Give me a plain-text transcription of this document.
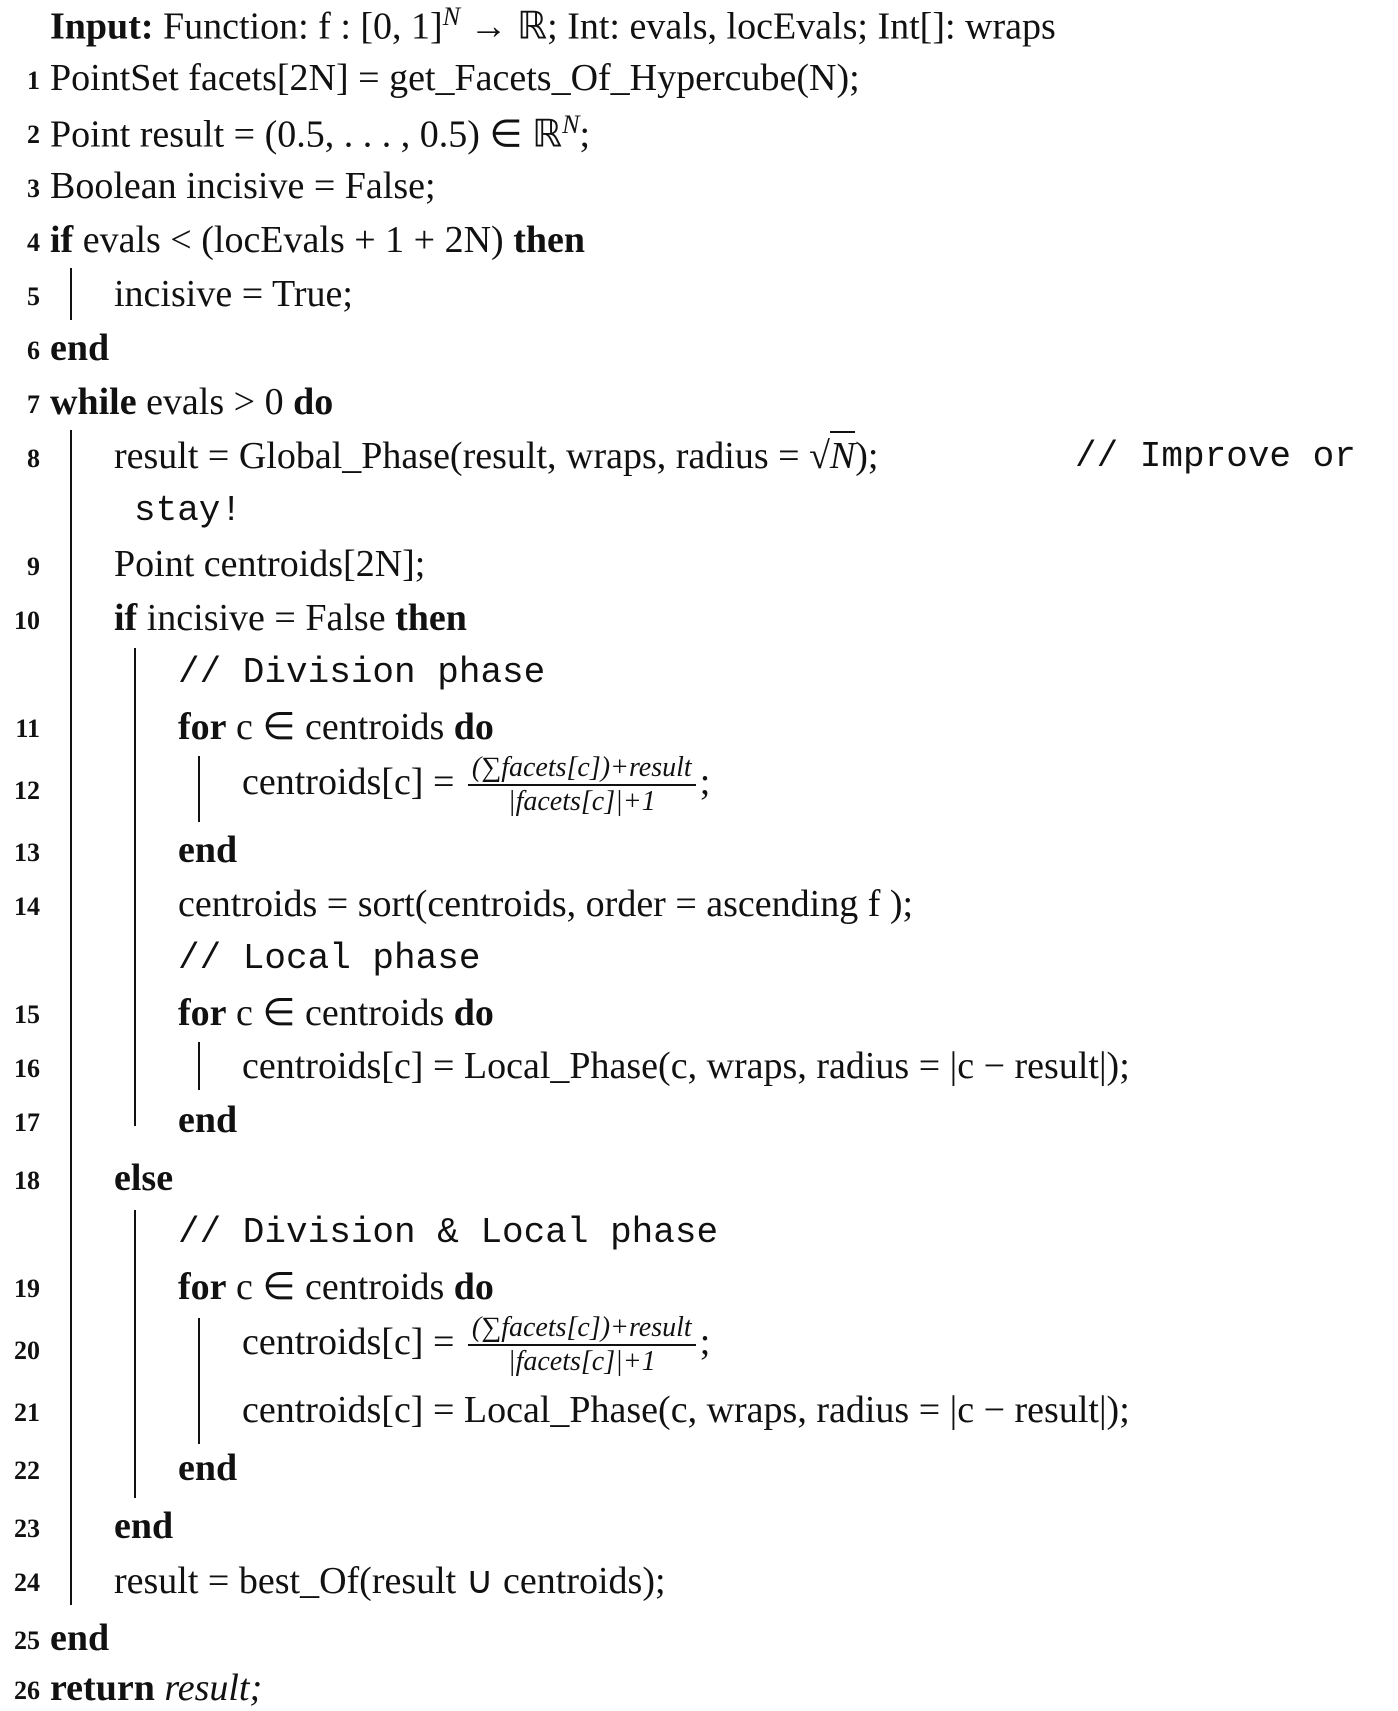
Input: Function: f : [0, 1]$^N$ → ℝ; Int: evals, locEvals; Int[]: wraps
1 PointSet facets[2N] = get_Facets_Of_Hypercube(N);
2 Point result = (0.5, . . . , 0.5) ∈ ℝ$^N$;
3 Boolean incisive = False;
4 if evals < (locEvals + 1 + 2N) then
5 incisive = True;
6 end
7 while evals > 0 do
8 result = Global_Phase(result, wraps, radius = √N);	// Improve or
stay!
9 Point centroids[2N];
10 if incisive = False then
// Division phase
11	for c ∈ centroids do
12	centroids[c] = $\frac{\text{(∑facets[c])+result}}{\text{|facets[c]|+1}}$ ;
13	end
14	centroids = sort(centroids, order = ascending f );
// Local phase
15	for c ∈ centroids do
16	centroids[c] = Local_Phase(c, wraps, radius = |c − result|);
17	end
18 else
// Division & Local phase
19	for c ∈ centroids do
20	centroids[c] = $\frac{\text{(∑facets[c])+result}}{\text{|facets[c]|+1}}$ ;
21	centroids[c] = Local_Phase(c, wraps, radius = |c − result|);
22	end
23 end
24 result = best_Of(result ∪ centroids);
25 end
26 return result;
